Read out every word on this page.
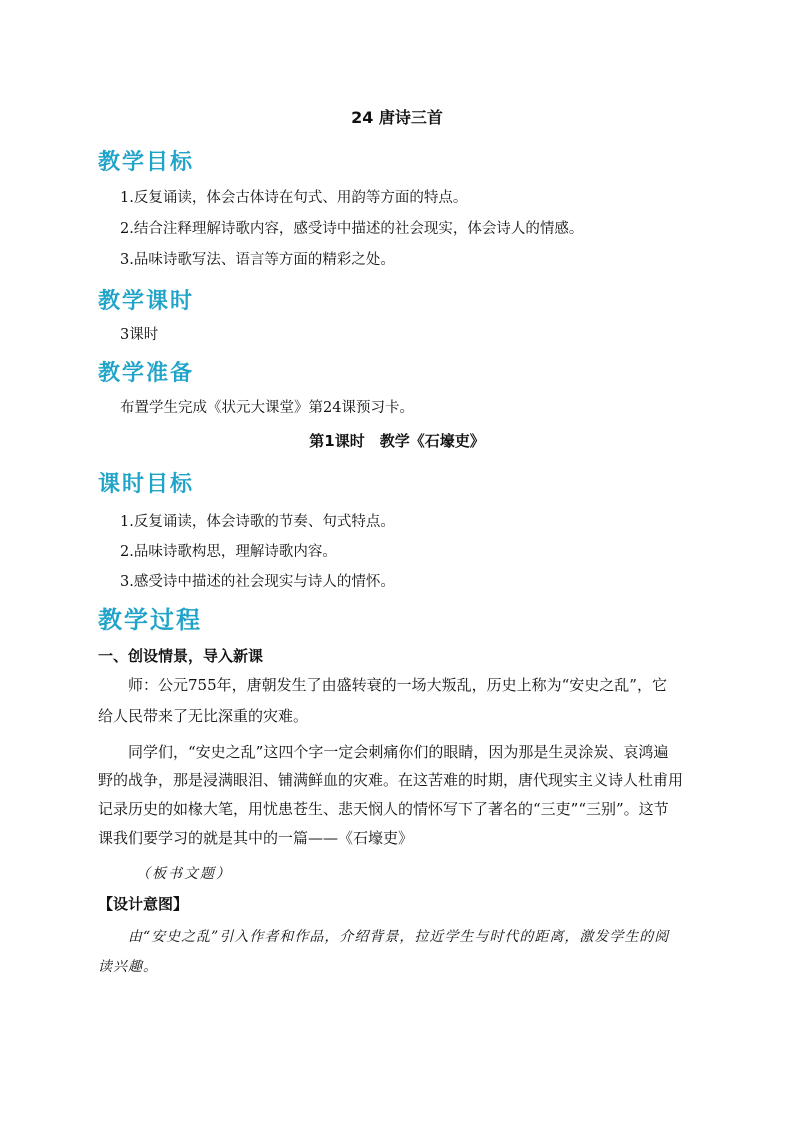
24 唐诗三首
教学目标
1.反复诵读，体会古体诗在句式、用韵等方面的特点。
2.结合注释理解诗歌内容，感受诗中描述的社会现实，体会诗人的情感。
3.品味诗歌写法、语言等方面的精彩之处。
教学课时
3课时
教学准备
布置学生完成《状元大课堂》第24课预习卡。
第1课时　教学《石壕吏》
课时目标
1.反复诵读，体会诗歌的节奏、句式特点。
2.品味诗歌构思，理解诗歌内容。
3.感受诗中描述的社会现实与诗人的情怀。
教学过程
一、创设情景，导入新课
师：公元755年，唐朝发生了由盛转衰的一场大叛乱，历史上称为“安史之乱”，它
给人民带来了无比深重的灾难。
同学们，“安史之乱”这四个字一定会刺痛你们的眼睛，因为那是生灵涂炭、哀鸿遍
野的战争，那是浸满眼泪、铺满鲜血的灾难。在这苦难的时期，唐代现实主义诗人杜甫用
记录历史的如椽大笔，用忧患苍生、悲天悯人的情怀写下了著名的“三吏”“三别”。这节
课我们要学习的就是其中的一篇——《石壕吏》
（板书文题）
【设计意图】
由“安史之乱”引入作者和作品，介绍背景，拉近学生与时代的距离，激发学生的阅
读兴趣。
